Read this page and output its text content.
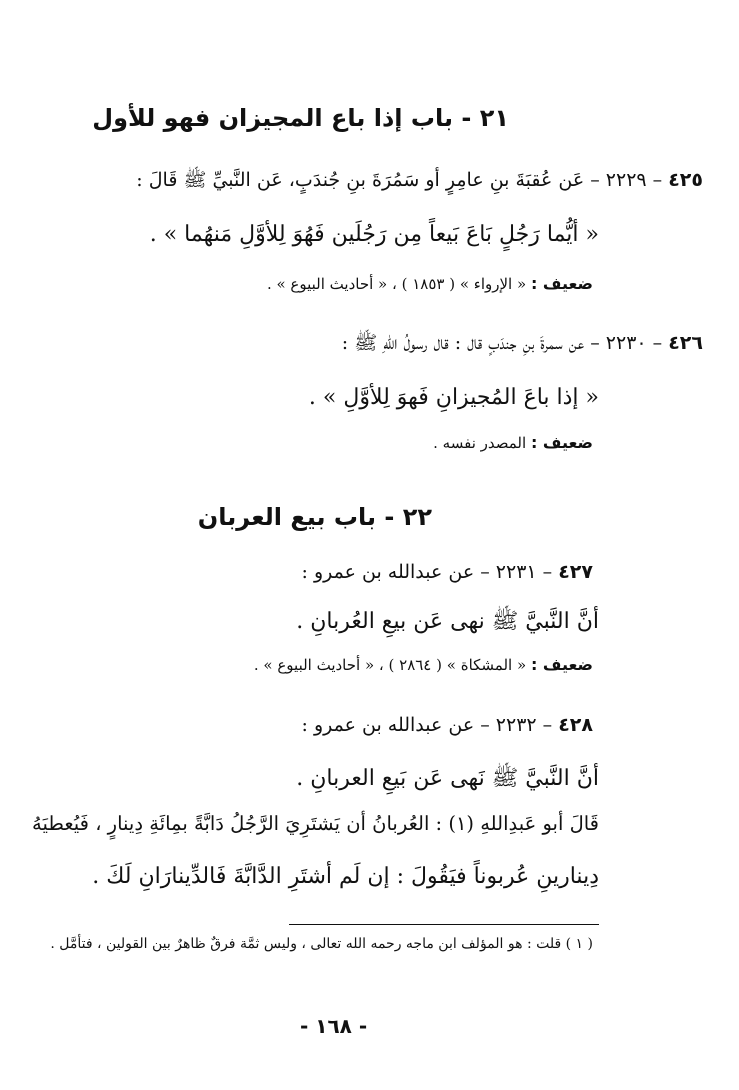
٢١ - باب إذا باع المجيزان فهو للأول
٤٢٥ – ٢٢٢٩ – عَن عُقبَةَ بنِ عامِرٍ أو سَمُرَةَ بنِ جُندَبٍ، عَن النَّبيِّ ﷺ قَالَ :
« أيُّما رَجُلٍ بَاعَ بَيعاً مِن رَجُلَين فَهُوَ لِلأوَّلِ مَنهُما » .
ضعيف : « الإرواء » ( ١٨٥٣ ) ، « أحاديث البيوع » .
٤٢٦ – ٢٢٣٠ – عن سمرةَ بنِ جندَبٍ قال : قال رسولُ اللهِ ﷺ :
« إذا باعَ المُجيزانِ فَهوَ لِلأوَّلِ » .
ضعيف : المصدر نفسه .
٢٢ - باب بيع العربان
٤٢٧ – ٢٢٣١ – عن عبدالله بن عمرو :
أنَّ النَّبيَّ ﷺ نهى عَن بيعِ العُربانِ .
ضعيف : « المشكاة » ( ٢٨٦٤ ) ، « أحاديث البيوع » .
٤٢٨ – ٢٢٣٢ – عن عبدالله بن عمرو :
أنَّ النَّبيَّ ﷺ نَهى عَن بَيعِ العربانِ .
قَالَ أبو عَبدِاللهِ (١) : العُربانُ أن يَشتَرِيَ الرَّجُلُ دَابَّةً بمِائَةِ دِينارٍ ، فَيُعطيَهُ
دِينارينِ عُربوناً فيَقُولَ : إن لَم أشتَرِ الدَّابَّةَ فَالدِّينارَانِ لَكَ .
( ١ ) قلت : هو المؤلف ابن ماجه رحمه الله تعالى ، وليس ثمَّة فرقٌ ظاهرٌ بين القولين ، فتأمَّل .
- ١٦٨ -
